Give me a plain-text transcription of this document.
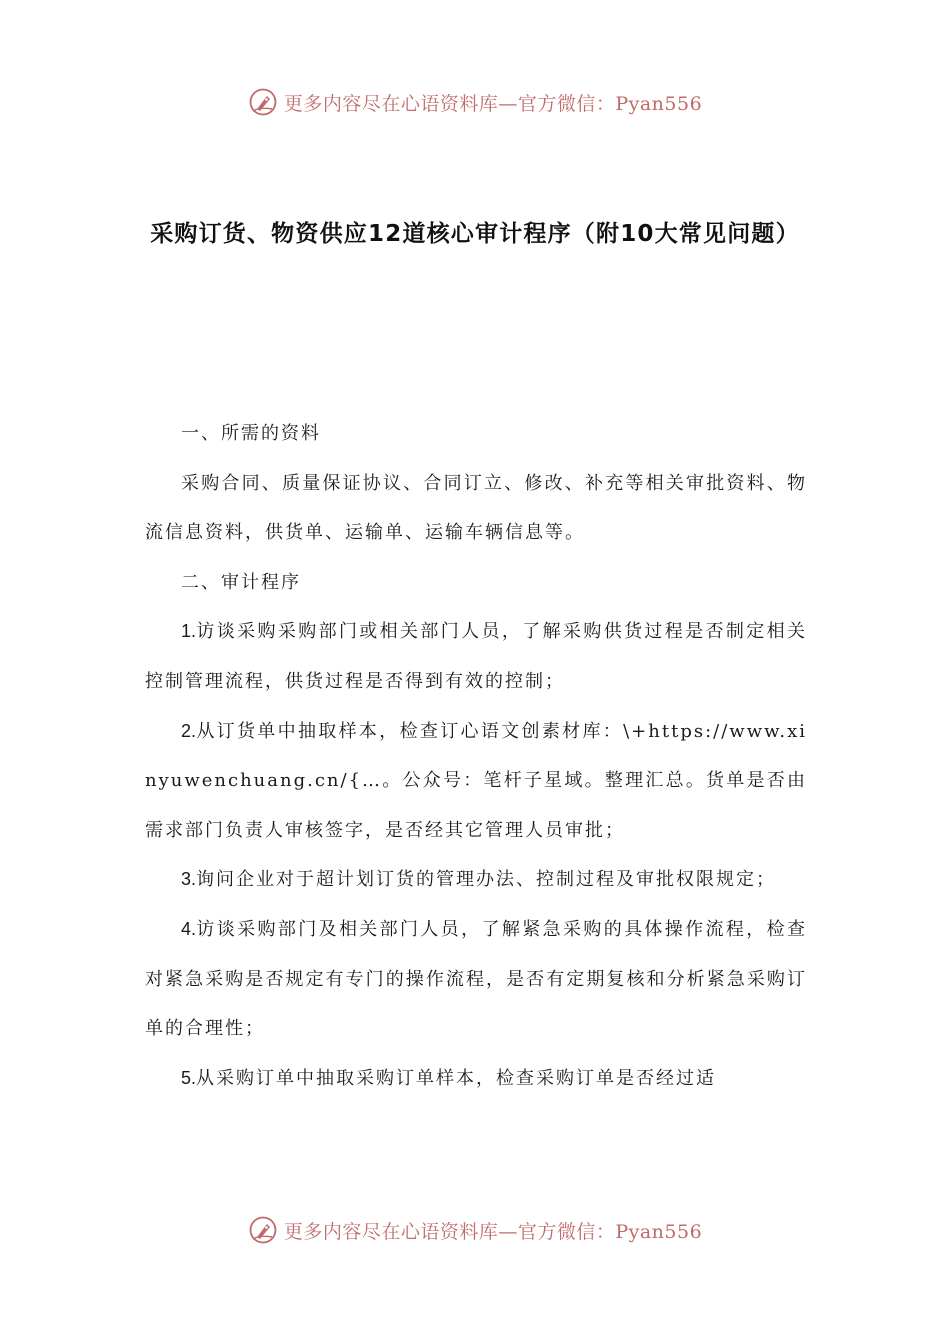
更多内容尽在心语资料库—官方微信：Pyan556
采购订货、物资供应12道核心审计程序（附10大常见问题）

一、所需的资料

采购合同、质量保证协议、合同订立、修改、补充等相关审批资料、物流信息资料，供货单、运输单、运输车辆信息等。

二、审计程序

1.访谈采购采购部门或相关部门人员，了解采购供货过程是否制定相关控制管理流程，供货过程是否得到有效的控制；

2.从订货单中抽取样本，检查订心语文创素材库：\+https://www.xinyuwenchuang.cn/{…。公众号：笔杆子星域。整理汇总。货单是否由需求部门负责人审核签字，是否经其它管理人员审批；

3.询问企业对于超计划订货的管理办法、控制过程及审批权限规定；

4.访谈采购部门及相关部门人员，了解紧急采购的具体操作流程，检查对紧急采购是否规定有专门的操作流程，是否有定期复核和分析紧急采购订单的合理性；

5.从采购订单中抽取采购订单样本，检查采购订单是否经过适

更多内容尽在心语资料库—官方微信：Pyan556
